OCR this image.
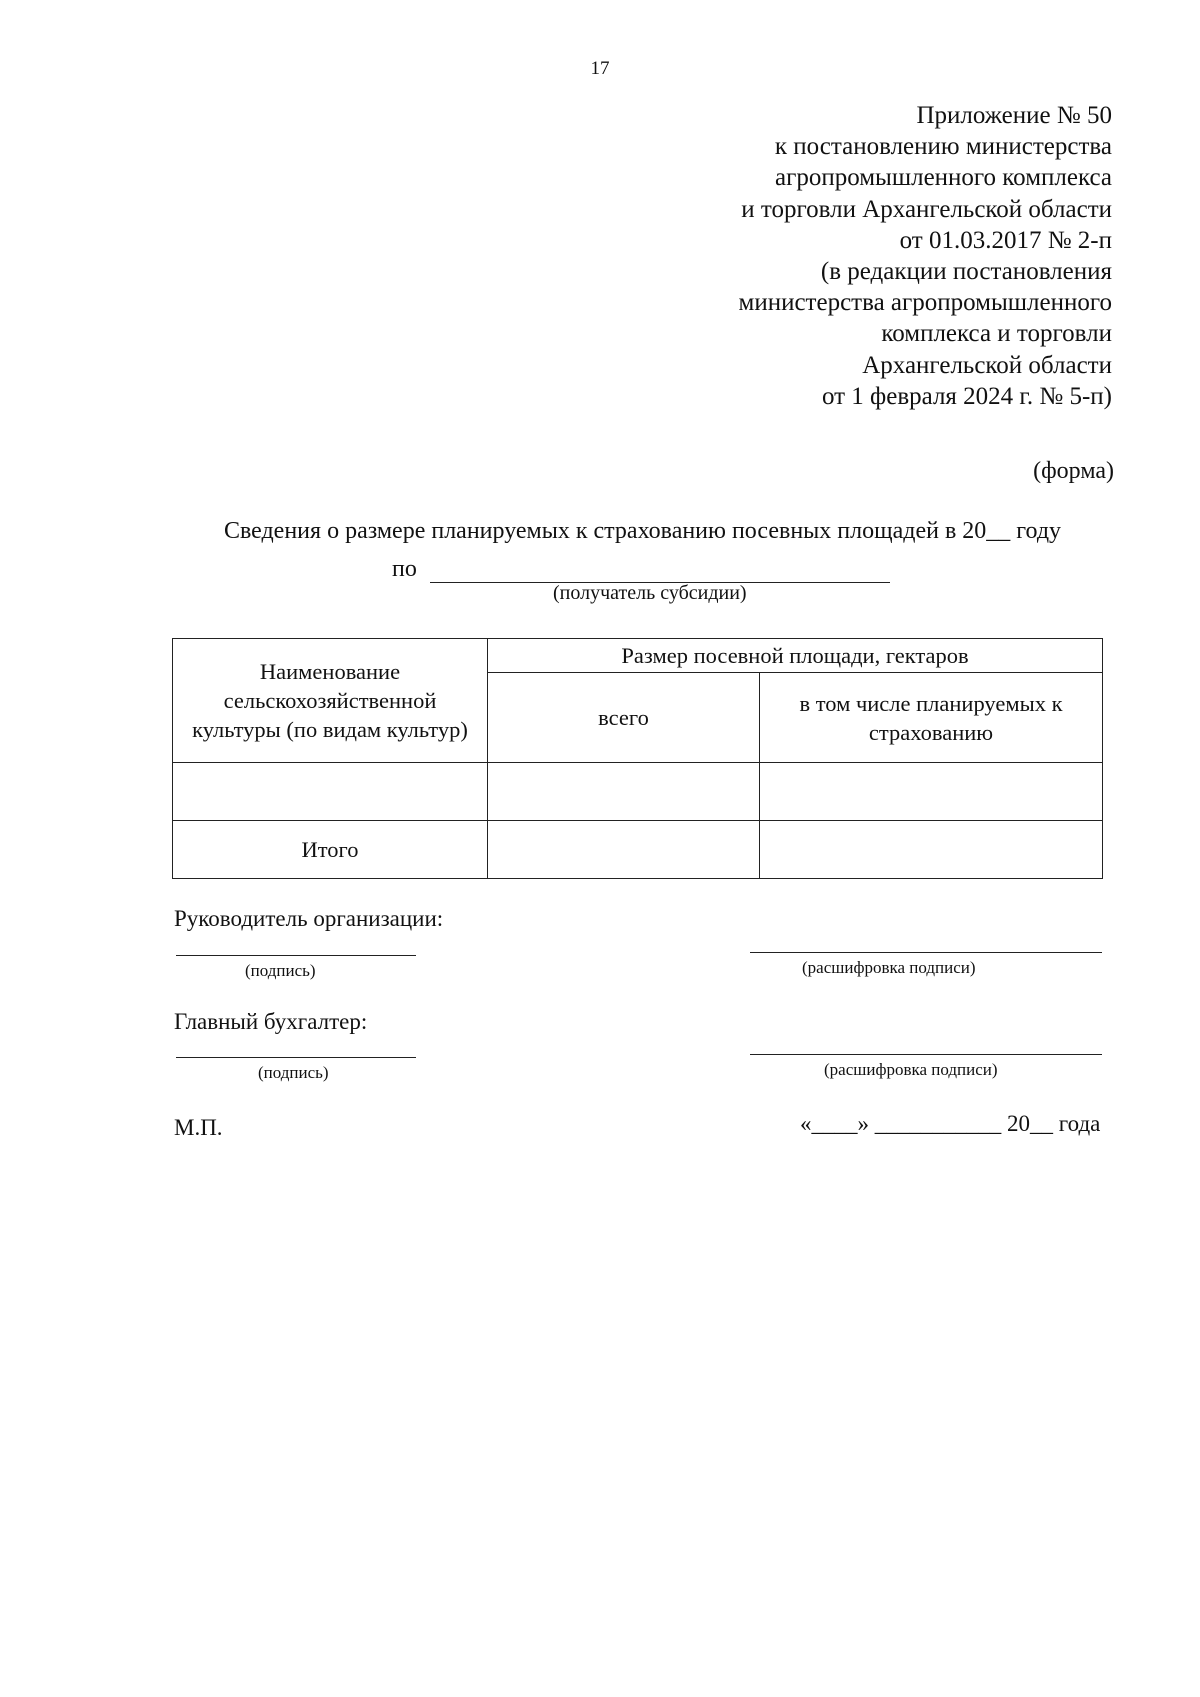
17
Приложение № 50
к постановлению министерства
агропромышленного комплекса
и торговли Архангельской области
от 01.03.2017 № 2-п
(в редакции постановления
министерства агропромышленного
комплекса и торговли
Архангельской области
от 1 февраля 2024 г. № 5-п)
(форма)
Сведения о размере планируемых к страхованию посевных площадей в 20__ году
по
(получатель субсидии)
Наименование сельскохозяйственной культуры (по видам культур)	Размер посевной площади, гектаров	
	всего	в том числе планируемых к страхованию

Итого		
Руководитель организации:
(подпись)	(расшифровка подписи)
Главный бухгалтер:
(подпись)	(расшифровка подписи)
М.П.	«____» ___________ 20__ года
